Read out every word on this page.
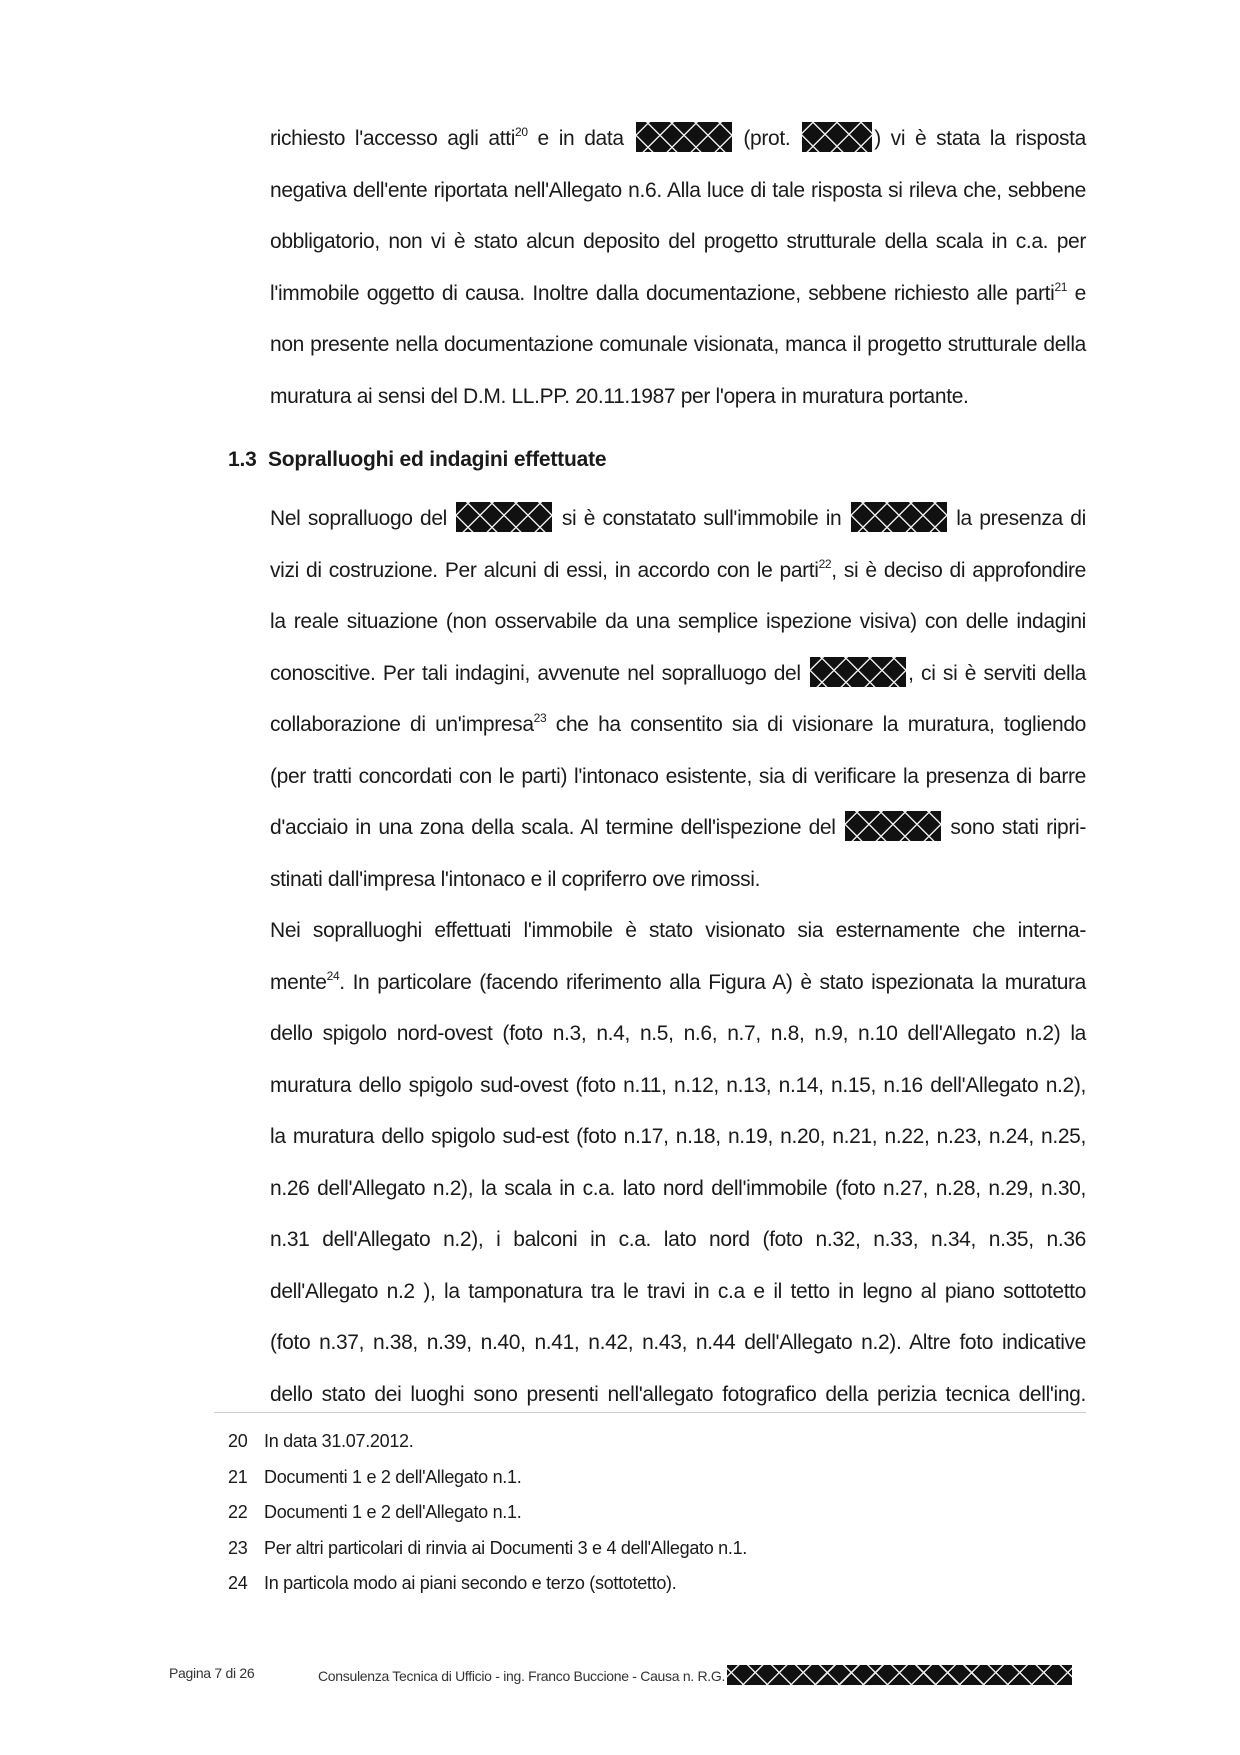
richiesto l'accesso agli atti$^{20}$ e in data	(prot.	) vi è stata la risposta
negativa dell'ente riportata nell'Allegato n.6. Alla luce di tale risposta si rileva che, sebbene
obbligatorio, non vi è stato alcun deposito del progetto strutturale della scala in c.a. per
l'immobile oggetto di causa. Inoltre dalla documentazione, sebbene richiesto alle parti$^{21}$ e
non presente nella documentazione comunale visionata, manca il progetto strutturale della
muratura ai sensi del D.M. LL.PP. 20.11.1987 per l'opera in muratura portante.
1.3 Sopralluoghi ed indagini effettuate
Nel sopralluogo del	si è constatato sull'immobile in	la presenza di
vizi di costruzione. Per alcuni di essi, in accordo con le parti$^{22}$, si è deciso di approfondire
la reale situazione (non osservabile da una semplice ispezione visiva) con delle indagini
conoscitive. Per tali indagini, avvenute nel sopralluogo del	, ci si è serviti della
collaborazione di un'impresa$^{23}$ che ha consentito sia di visionare la muratura, togliendo
(per tratti concordati con le parti) l'intonaco esistente, sia di verificare la presenza di barre
d'acciaio in una zona della scala. Al termine dell'ispezione del	sono stati ripri-
stinati dall'impresa l'intonaco e il copriferro ove rimossi.
Nei sopralluoghi effettuati l'immobile è stato visionato sia esternamente che interna-
mente$^{24}$. In particolare (facendo riferimento alla Figura A) è stato ispezionata la muratura
dello spigolo nord-ovest (foto n.3, n.4, n.5, n.6, n.7, n.8, n.9, n.10 dell'Allegato n.2) la
muratura dello spigolo sud-ovest (foto n.11, n.12, n.13, n.14, n.15, n.16 dell'Allegato n.2),
la muratura dello spigolo sud-est (foto n.17, n.18, n.19, n.20, n.21, n.22, n.23, n.24, n.25,
n.26 dell'Allegato n.2), la scala in c.a. lato nord dell'immobile (foto n.27, n.28, n.29, n.30,
n.31 dell'Allegato n.2), i balconi in c.a. lato nord (foto n.32, n.33, n.34, n.35, n.36
dell'Allegato n.2 ), la tamponatura tra le travi in c.a e il tetto in legno al piano sottotetto
(foto n.37, n.38, n.39, n.40, n.41, n.42, n.43, n.44 dell'Allegato n.2). Altre foto indicative
dello stato dei luoghi sono presenti nell'allegato fotografico della perizia tecnica dell'ing.
20 In data 31.07.2012.
21 Documenti 1 e 2 dell'Allegato n.1.
22 Documenti 1 e 2 dell'Allegato n.1.
23 Per altri particolari di rinvia ai Documenti 3 e 4 dell'Allegato n.1.
24 In particola modo ai piani secondo e terzo (sottotetto).
Pagina 7 di 26	Consulenza Tecnica di Ufficio - ing. Franco Buccione - Causa n. R.G.
